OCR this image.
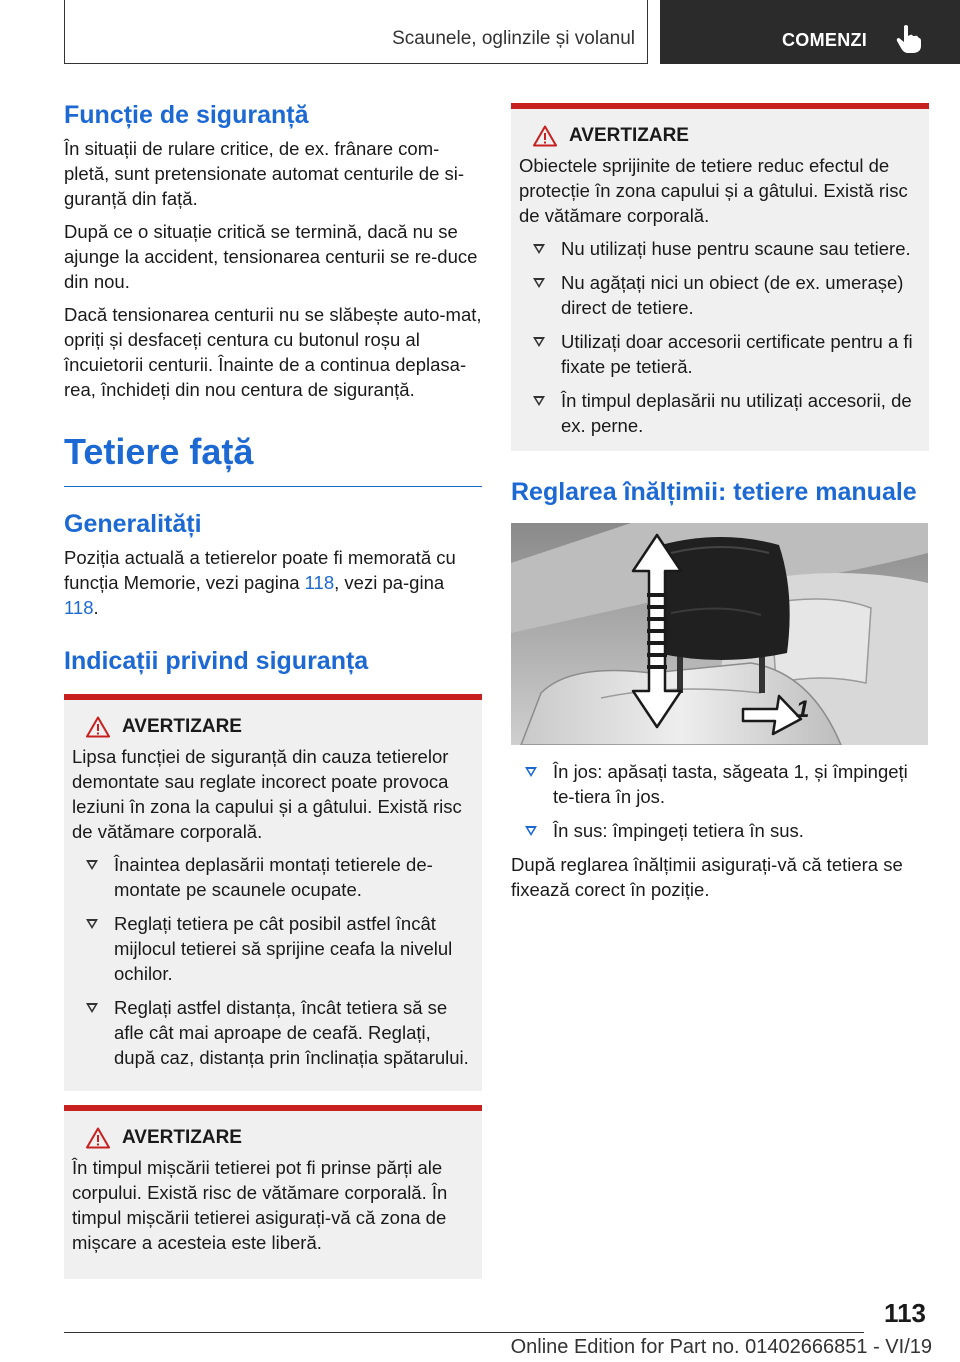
Scaunele, oglinzile și volanul	COMENZI
Funcție de siguranță

În situații de rulare critice, de ex. frânare com-pletă, sunt pretensionate automat centurile de si-guranță din față.

După ce o situație critică se termină, dacă nu se ajunge la accident, tensionarea centurii se re-duce din nou.

Dacă tensionarea centurii nu se slăbește auto-mat, opriți și desfaceți centura cu butonul roșu al încuietorii centurii. Înainte de a continua deplasa-rea, închideți din nou centura de siguranță.

Tetiere față
Generalități

Poziția actuală a tetierelor poate fi memorată cu funcția Memorie, vezi pagina 118, vezi pa-gina 118.

Indicații privind siguranța
AVERTIZARE

Lipsa funcției de siguranță din cauza tetierelor demontate sau reglate incorect poate provoca leziuni în zona la capului și a gâtului. Există risc de vătămare corporală.

Înaintea deplasării montați tetierele de-montate pe scaunele ocupate.
Reglați tetiera pe cât posibil astfel încât mijlocul tetierei să sprijine ceafa la nivelul ochilor.
Reglați astfel distanța, încât tetiera să se afle cât mai aproape de ceafă. Reglați, după caz, distanța prin înclinația spătarului.
AVERTIZARE

În timpul mișcării tetierei pot fi prinse părți ale corpului. Există risc de vătămare corporală. În timpul mișcării tetierei asigurați-vă că zona de mișcare a acesteia este liberă.

AVERTIZARE

Obiectele sprijinite de tetiere reduc efectul de protecție în zona capului și a gâtului. Există risc de vătămare corporală.

Nu utilizați huse pentru scaune sau tetiere.
Nu agățați nici un obiect (de ex. umerașe) direct de tetiere.
Utilizați doar accesorii certificate pentru a fi fixate pe tetieră.
În timpul deplasării nu utilizați accesorii, de ex. perne.
Reglarea înălțimii: tetiere manuale
1
În jos: apăsați tasta, săgeata 1, și împingeți te-tiera în jos.
În sus: împingeți tetiera în sus.

După reglarea înălțimii asigurați-vă că tetiera se fixează corect în poziție.

113
Online Edition for Part no. 01402666851 - VI/19
